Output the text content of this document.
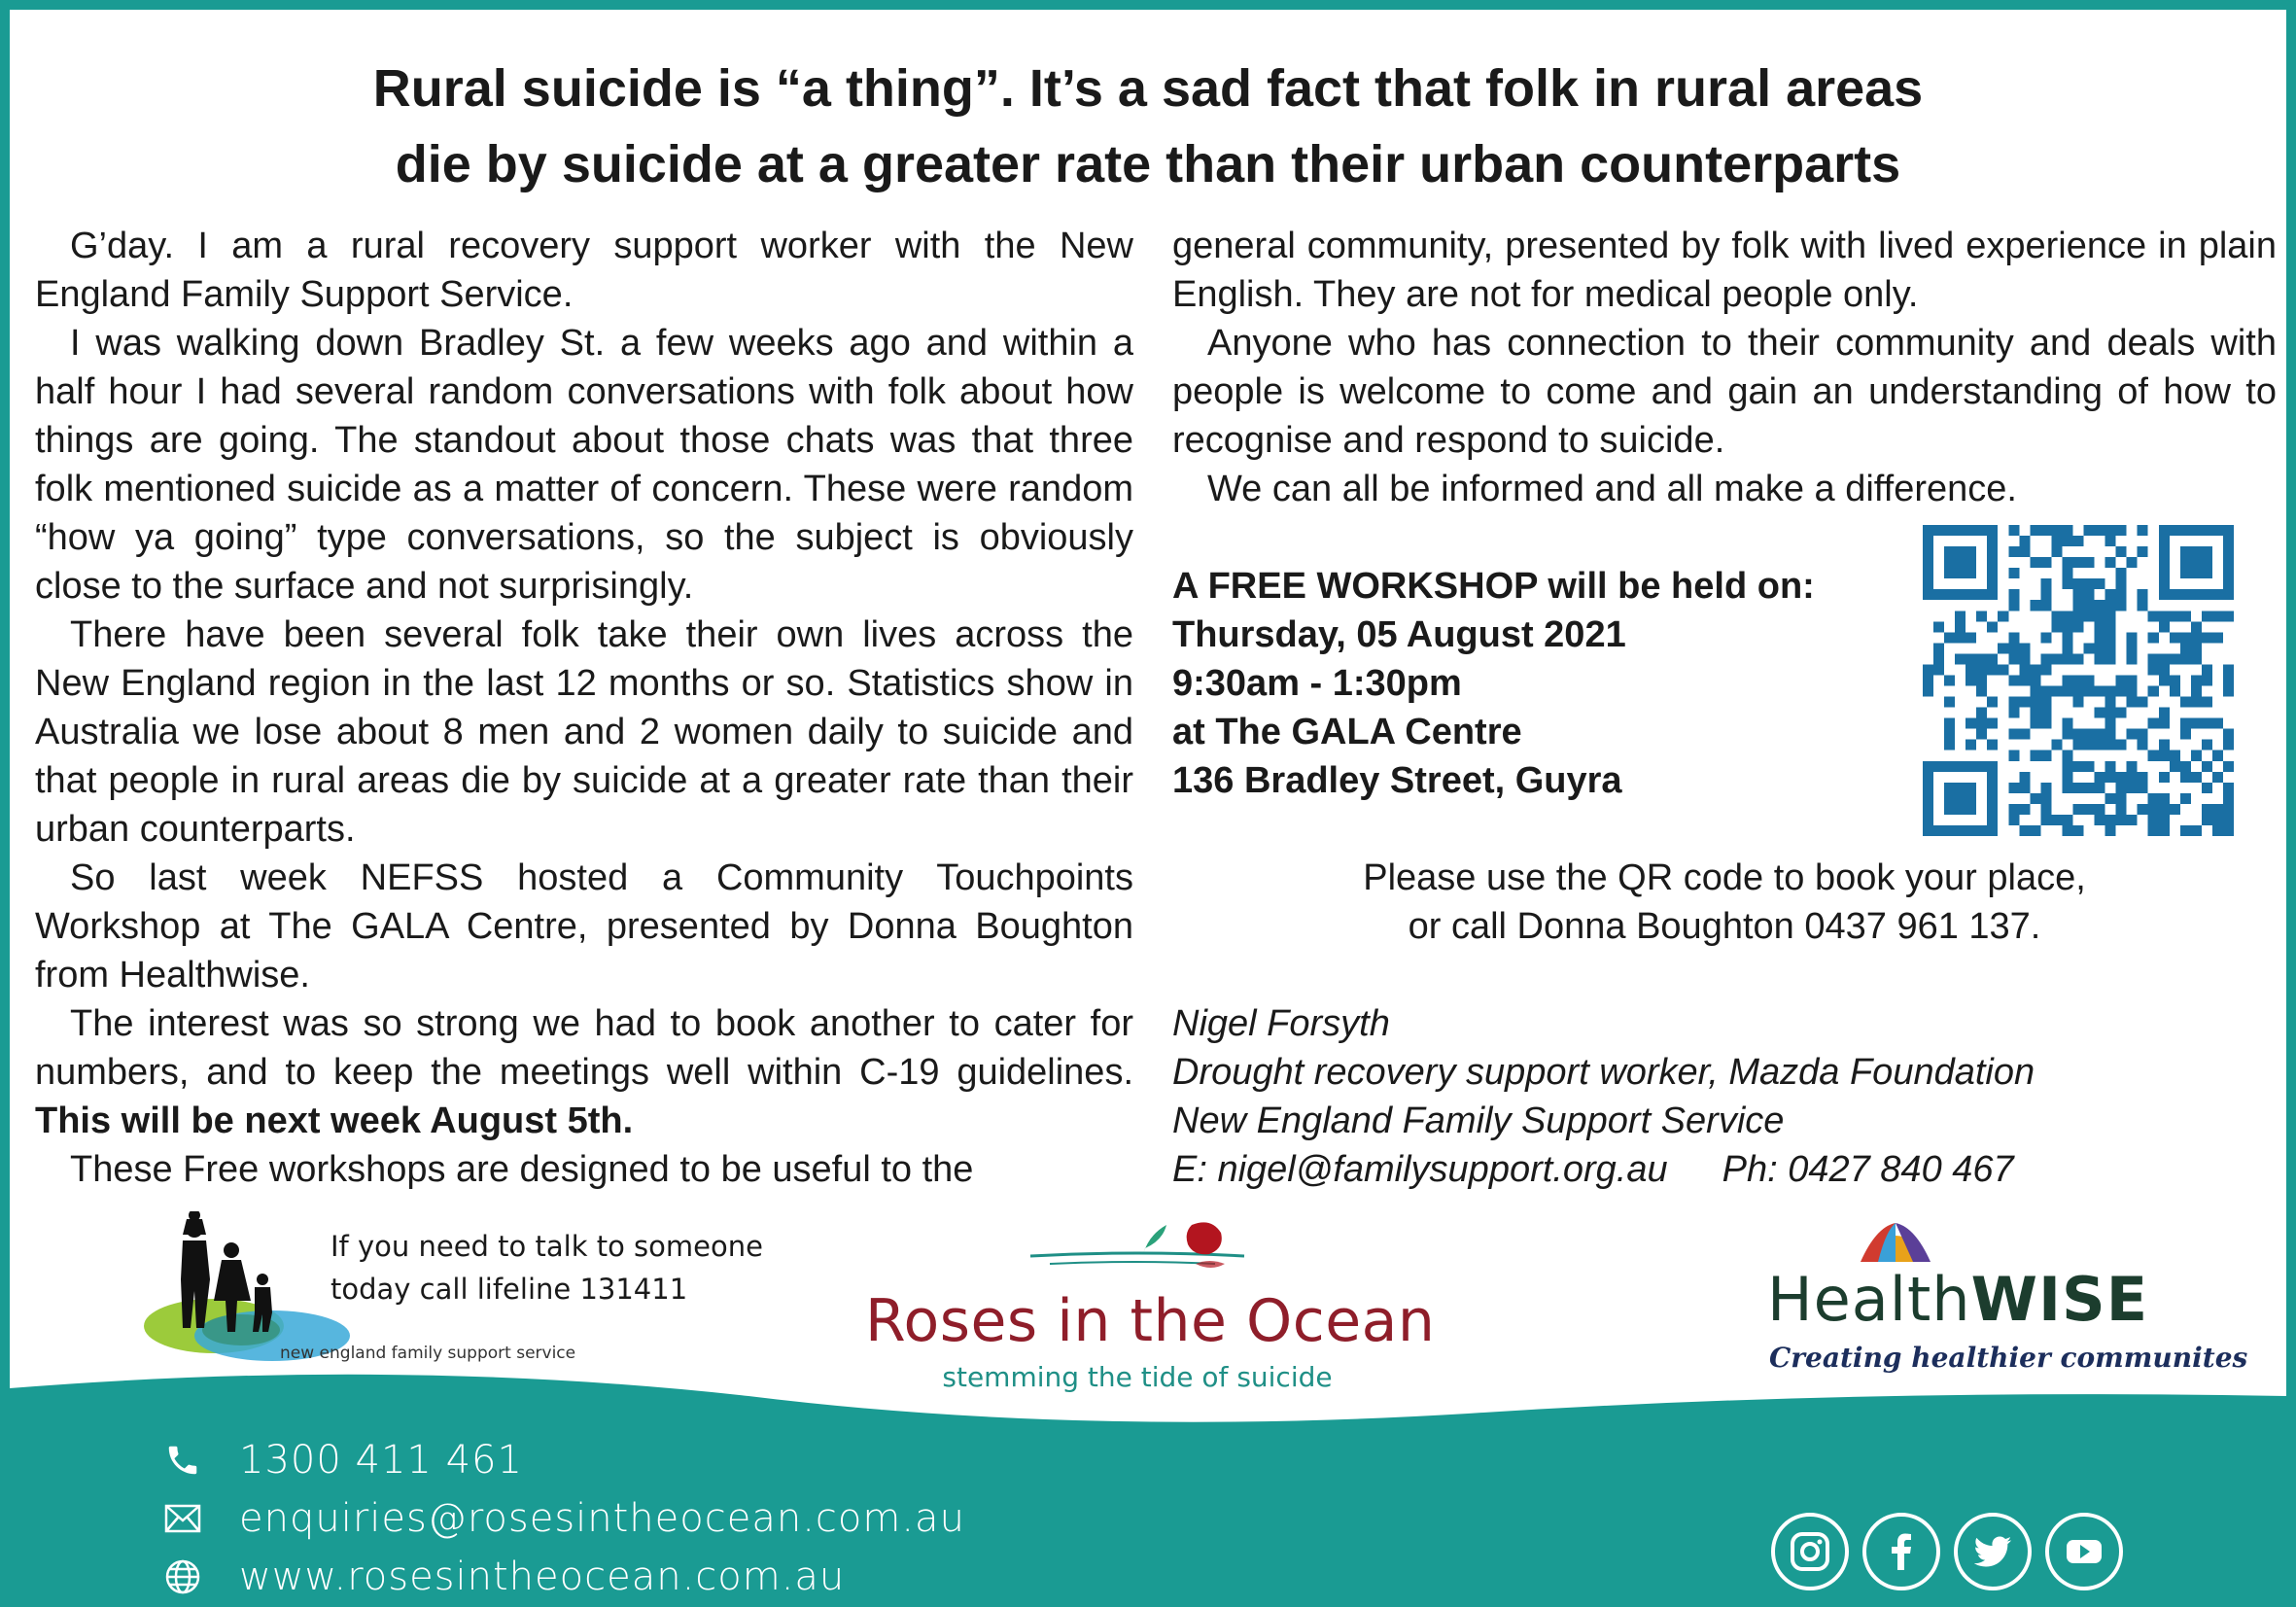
Rural suicide is “a thing”. It’s a sad fact that folk in rural areas
die by suicide at a greater rate than their urban counterparts

G’day. I am a rural recovery support worker with the New England Family Support Service.

I was walking down Bradley St. a few weeks ago and within a half hour I had several random conversations with folk about how things are going. The standout about those chats was that three folk mentioned suicide as a matter of concern. These were random “how ya going” type conversations, so the subject is obviously close to the surface and not surprisingly.

There have been several folk take their own lives across the New England region in the last 12 months or so. Statistics show in Australia we lose about 8 men and 2 women daily to suicide and that people in rural areas die by suicide at a greater rate than their urban counterparts.

So last week NEFSS hosted a Community Touchpoints Workshop at The GALA Centre, presented by Donna Boughton from Healthwise.

The interest was so strong we had to book another to cater for numbers, and to keep the meetings well within C-19 guidelines. This will be next week August 5th.

These Free workshops are designed to be useful to the

general community, presented by folk with lived experience in plain English. They are not for medical people only.

Anyone who has connection to their community and deals with people is welcome to come and gain an understanding of how to recognise and respond to suicide.

We can all be informed and all make a difference.

A FREE WORKSHOP will be held on:
Thursday, 05 August 2021
9:30am - 1:30pm
at The GALA Centre
136 Bradley Street, Guyra
Please use the QR code to book your place,
or call Donna Boughton 0437 961 137.
Nigel Forsyth
Drought recovery support worker, Mazda Foundation
New England Family Support Service
E: nigel@familysupport.org.au Ph: 0427 840 467
If you need to talk to someone
today call lifeline 131411
new england family support service	Roses in the Ocean
stemming the tide of suicide
HealthWISE
Creating healthier communites
1300 411 461
enquiries@rosesintheocean.com.au
www.rosesintheocean.com.au
